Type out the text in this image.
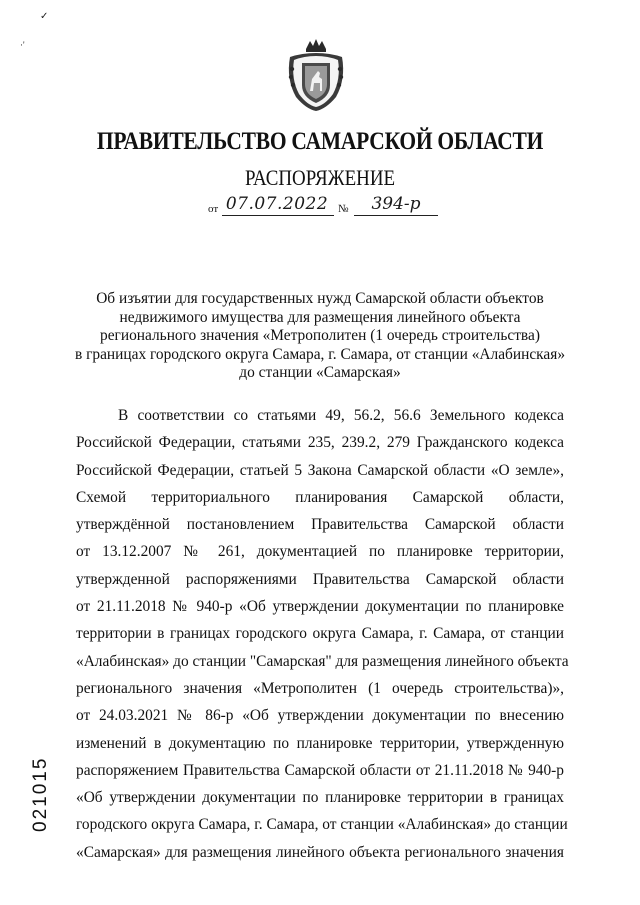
✓
·'
ПРАВИТЕЛЬСТВО САМАРСКОЙ ОБЛАСТИ
РАСПОРЯЖЕНИЕ
от 07.07.2022 №	394-р
Об изъятии для государственных нужд Самарской области объектов
недвижимого имущества для размещения линейного объекта
регионального значения «Метрополитен (1 очередь строительства)
в границах городского округа Самара, г. Самара, от станции «Алабинская»
до станции «Самарская»
В соответствии со статьями 49, 56.2, 56.6 Земельного кодекса
Российской Федерации, статьями 235, 239.2, 279 Гражданского кодекса
Российской Федерации, статьей 5 Закона Самарской области «О земле»,
Схемой территориального планирования Самарской области,
утверждённой постановлением Правительства Самарской области
от 13.12.2007 № 261, документацией по планировке территории,
утвержденной распоряжениями Правительства Самарской области
от 21.11.2018 № 940-р «Об утверждении документации по планировке
территории в границах городского округа Самара, г. Самара, от станции
«Алабинская» до станции "Самарская" для размещения линейного объекта
регионального значения «Метрополитен (1 очередь строительства)»,
от 24.03.2021 № 86-р «Об утверждении документации по внесению
изменений в документацию по планировке территории, утвержденную
распоряжением Правительства Самарской области от 21.11.2018 № 940-р
«Об утверждении документации по планировке территории в границах
городского округа Самара, г. Самара, от станции «Алабинская» до станции
«Самарская» для размещения линейного объекта регионального значения
021015
